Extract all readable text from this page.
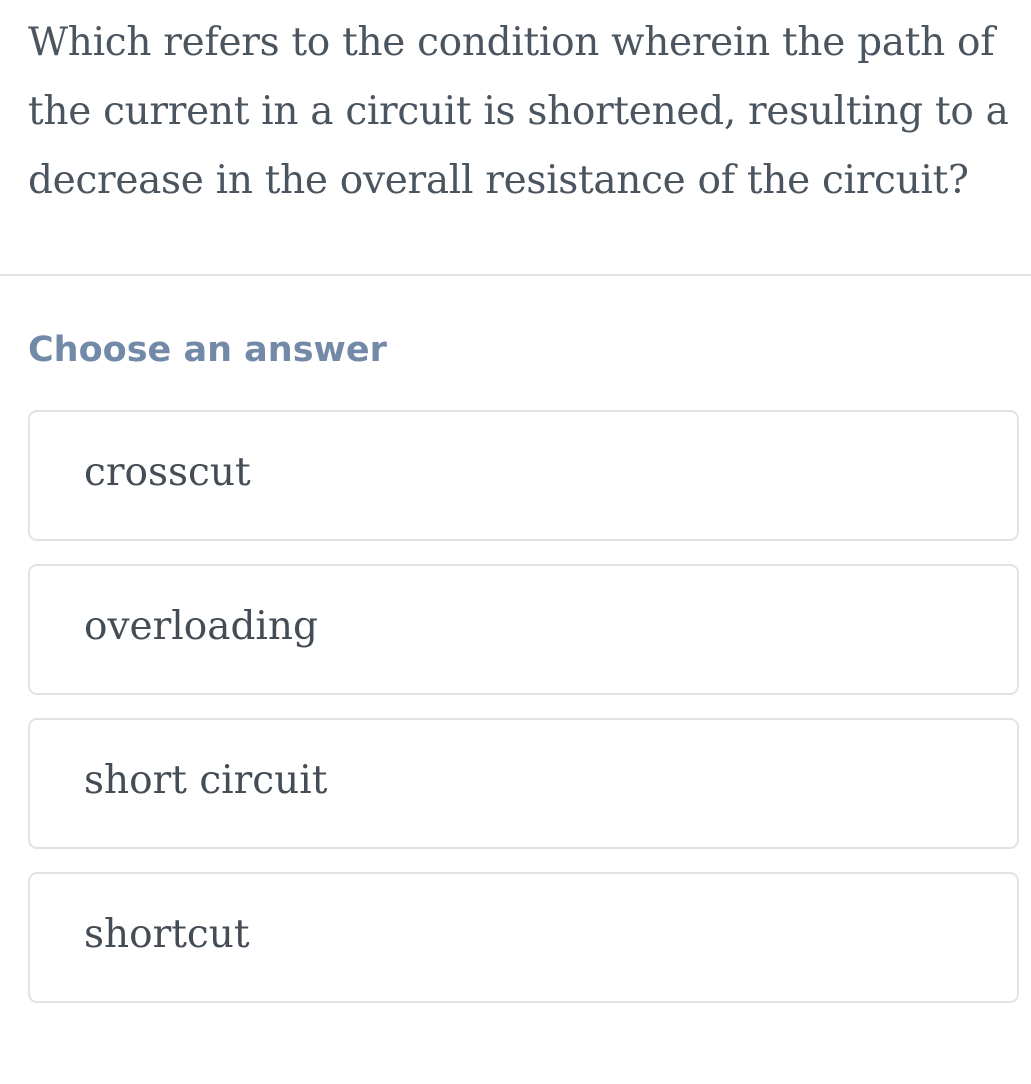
Which refers to the condition wherein the path of the current in a circuit is shortened, resulting to a decrease in the overall resistance of the circuit?

Choose an answer
crosscut
overloading
short circuit
shortcut
